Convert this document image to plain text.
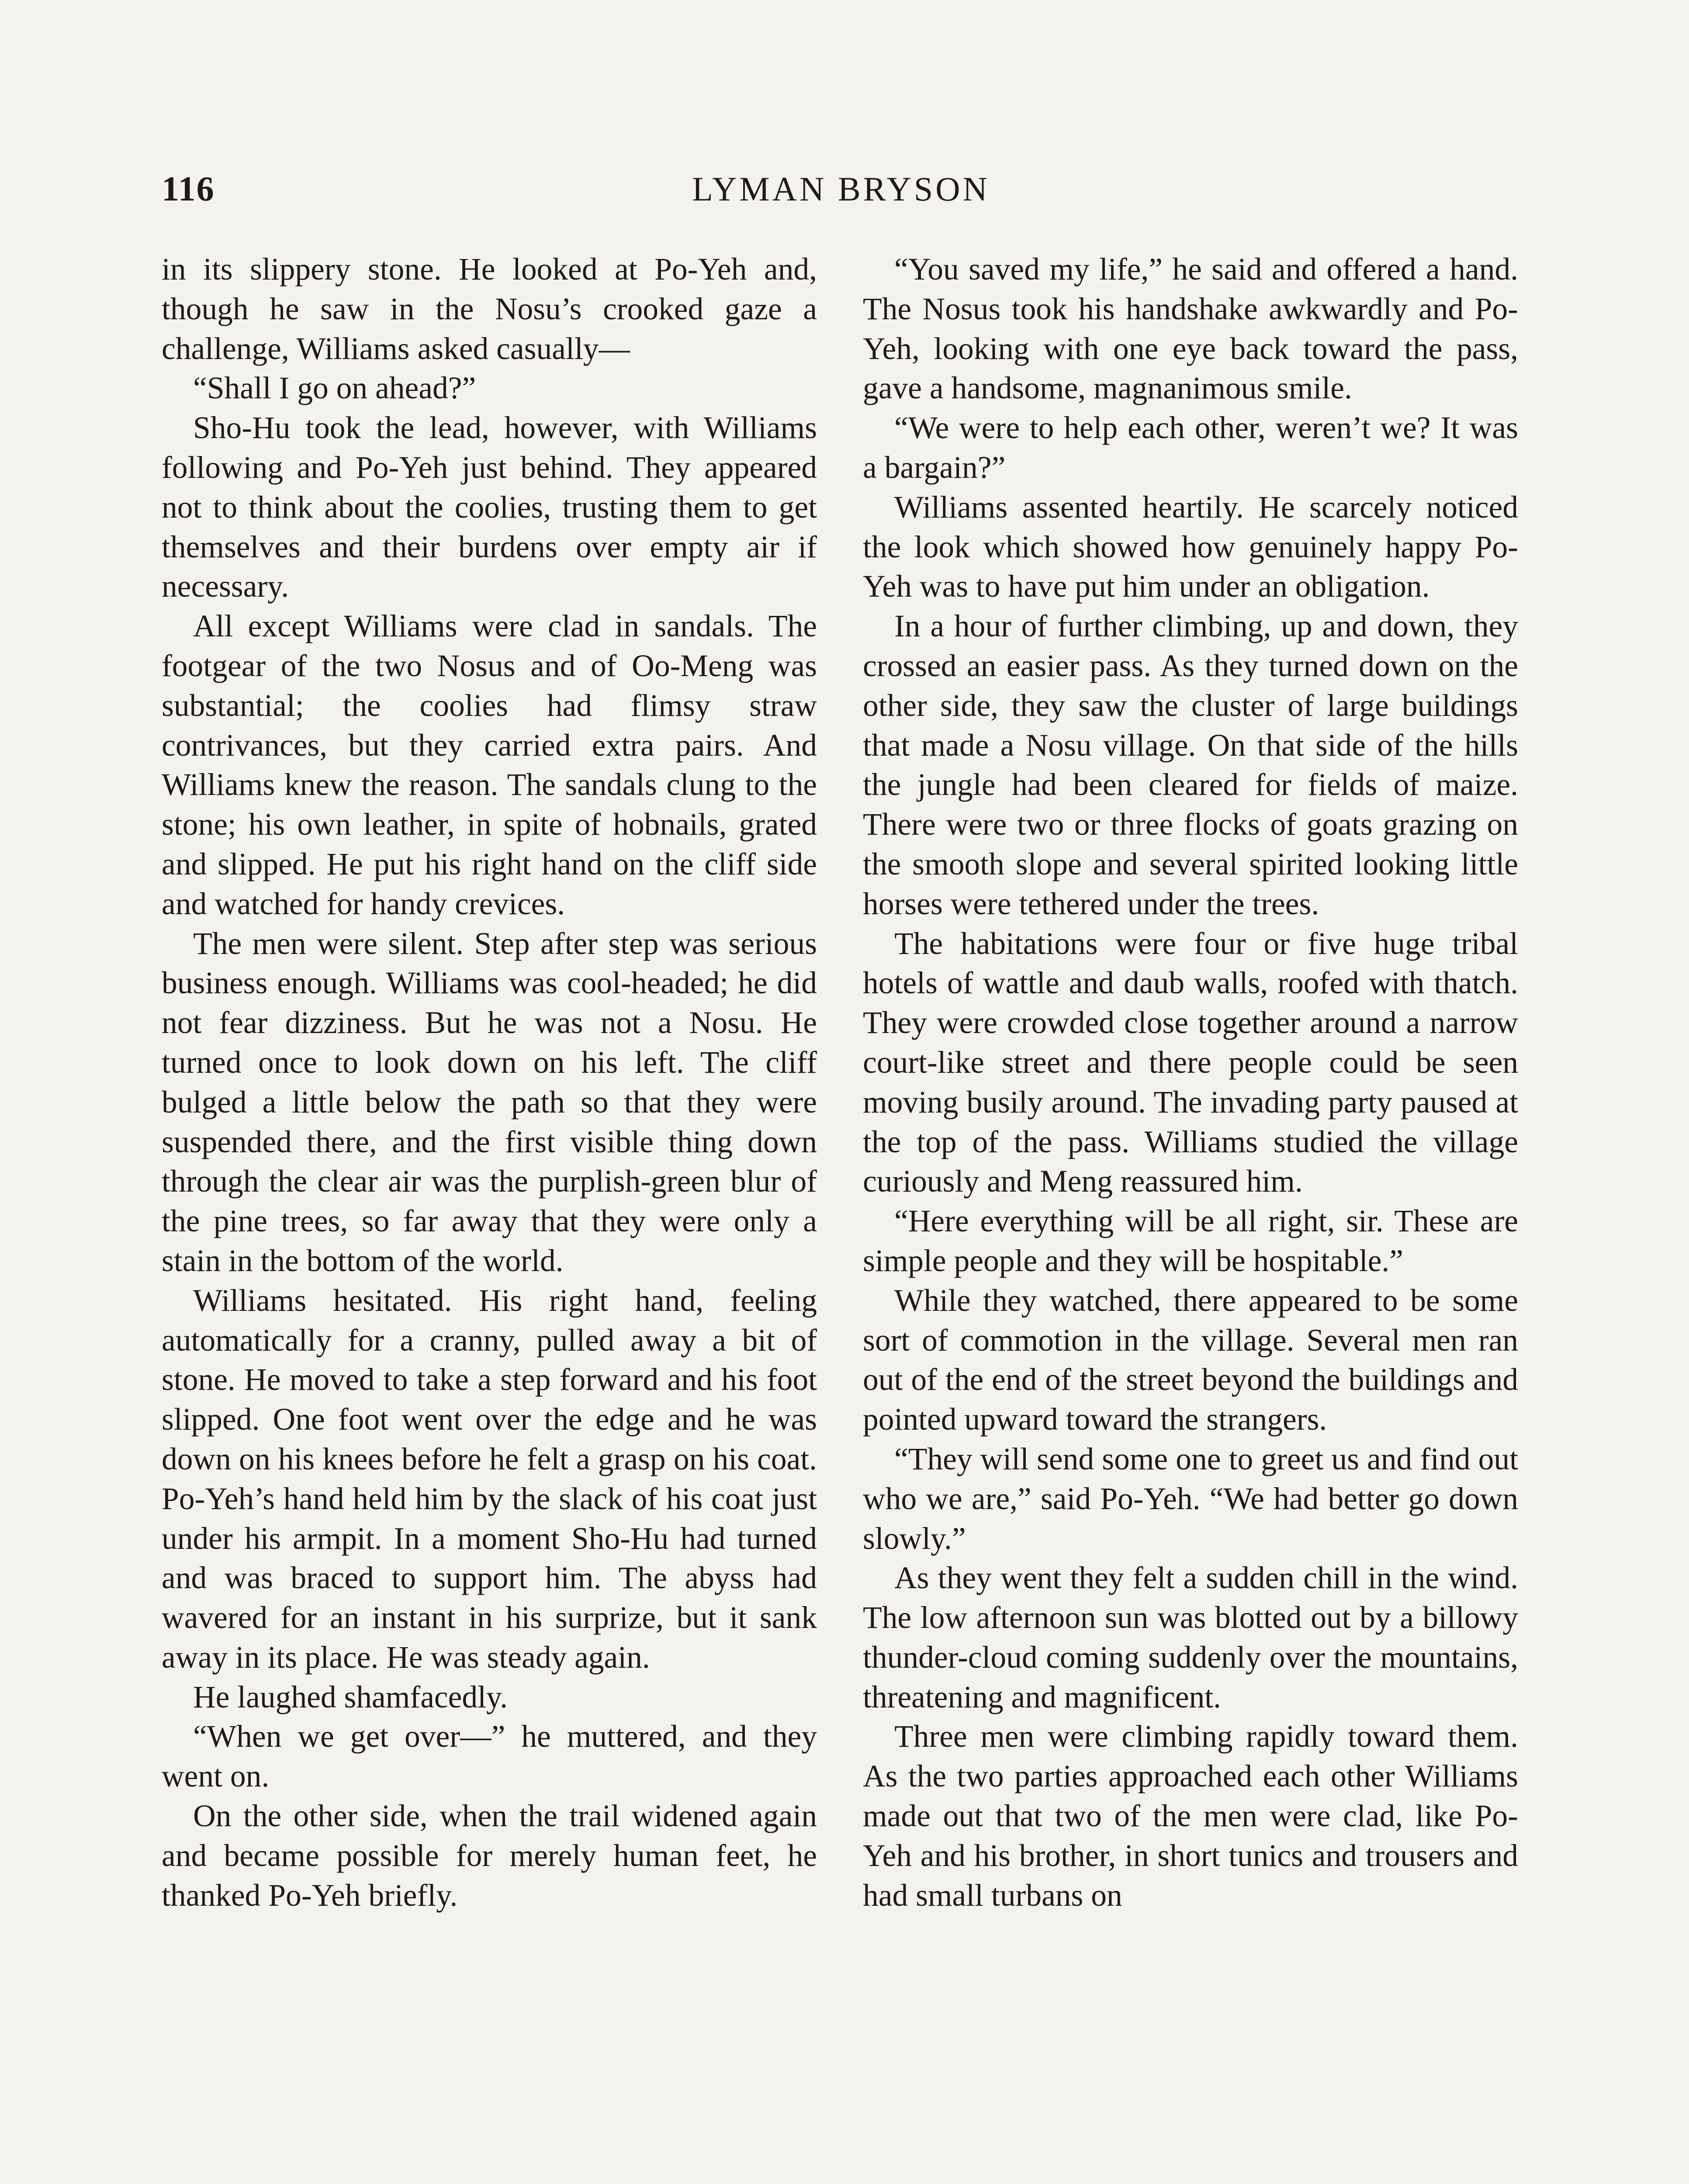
116	LYMAN BRYSON

in its slippery stone. He looked at Po-Yeh and, though he saw in the Nosu’s crooked gaze a challenge, Williams asked casually—

“Shall I go on ahead?”

Sho-Hu took the lead, however, with Williams following and Po-Yeh just behind. They appeared not to think about the coolies, trusting them to get themselves and their burdens over empty air if necessary.

All except Williams were clad in sandals. The footgear of the two Nosus and of Oo-Meng was substantial; the coolies had flimsy straw contrivances, but they carried extra pairs. And Williams knew the reason. The sandals clung to the stone; his own leather, in spite of hobnails, grated and slipped. He put his right hand on the cliff side and watched for handy crevices.

The men were silent. Step after step was serious business enough. Williams was cool-headed; he did not fear dizziness. But he was not a Nosu. He turned once to look down on his left. The cliff bulged a little below the path so that they were suspended there, and the first visible thing down through the clear air was the purplish-green blur of the pine trees, so far away that they were only a stain in the bottom of the world.

Williams hesitated. His right hand, feeling automatically for a cranny, pulled away a bit of stone. He moved to take a step forward and his foot slipped. One foot went over the edge and he was down on his knees before he felt a grasp on his coat. Po-Yeh’s hand held him by the slack of his coat just under his armpit. In a moment Sho-Hu had turned and was braced to support him. The abyss had wavered for an instant in his surprize, but it sank away in its place. He was steady again.

He laughed shamfacedly.

“When we get over—” he muttered, and they went on.

On the other side, when the trail widened again and became possible for merely human feet, he thanked Po-Yeh briefly.

“You saved my life,” he said and offered a hand. The Nosus took his handshake awkwardly and Po-Yeh, looking with one eye back toward the pass, gave a handsome, magnanimous smile.

“We were to help each other, weren’t we? It was a bargain?”

Williams assented heartily. He scarcely noticed the look which showed how genuinely happy Po-Yeh was to have put him under an obligation.

In a hour of further climbing, up and down, they crossed an easier pass. As they turned down on the other side, they saw the cluster of large buildings that made a Nosu village. On that side of the hills the jungle had been cleared for fields of maize. There were two or three flocks of goats grazing on the smooth slope and several spirited looking little horses were tethered under the trees.

The habitations were four or five huge tribal hotels of wattle and daub walls, roofed with thatch. They were crowded close together around a narrow court-like street and there people could be seen moving busily around. The invading party paused at the top of the pass. Williams studied the village curiously and Meng reassured him.

“Here everything will be all right, sir. These are simple people and they will be hospitable.”

While they watched, there appeared to be some sort of commotion in the village. Several men ran out of the end of the street beyond the buildings and pointed upward toward the strangers.

“They will send some one to greet us and find out who we are,” said Po-Yeh. “We had better go down slowly.”

As they went they felt a sudden chill in the wind. The low afternoon sun was blotted out by a billowy thunder-cloud coming suddenly over the mountains, threatening and magnificent.

Three men were climbing rapidly toward them. As the two parties approached each other Williams made out that two of the men were clad, like Po-Yeh and his brother, in short tunics and trousers and had small turbans on
